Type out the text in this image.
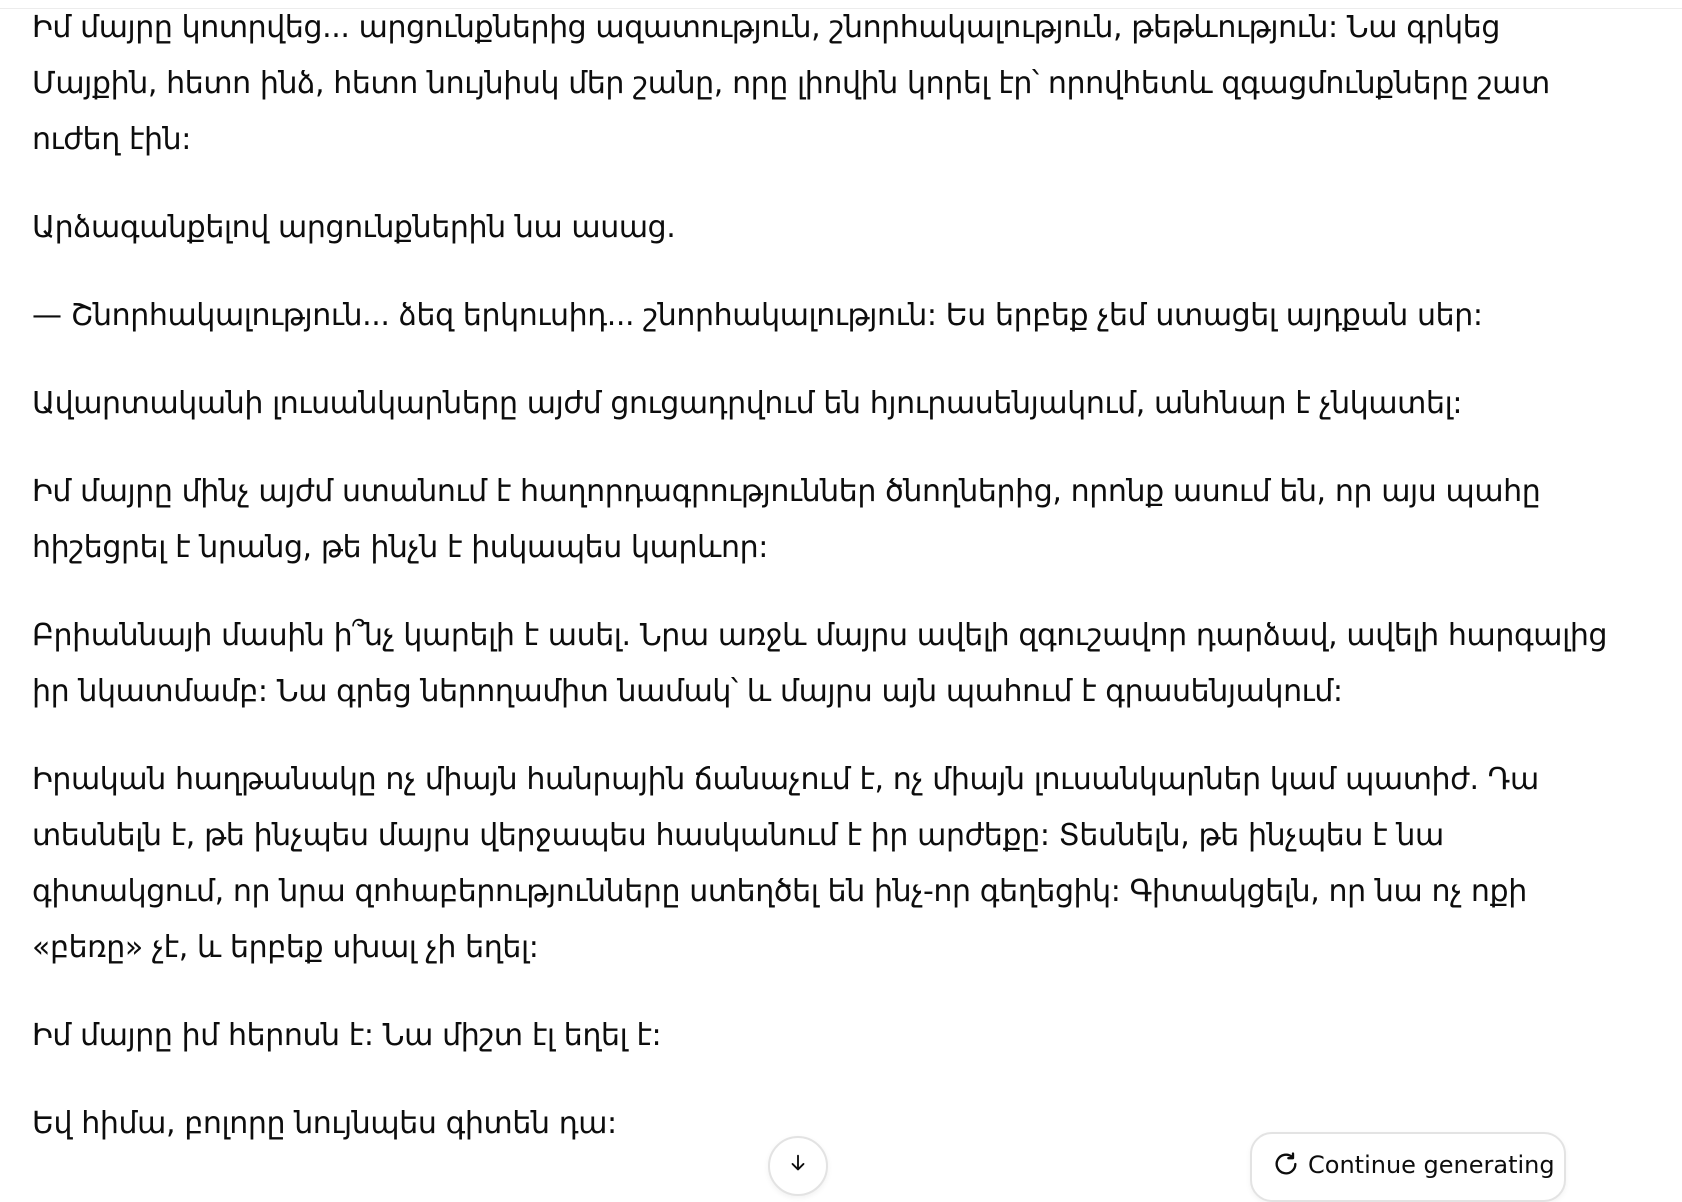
Իմ մայրը կոտրվեց... արցունքներից ազատություն, շնորհակալություն, թեթևություն: Նա գրկեց
Մայքին, հետո ինձ, հետո նույնիսկ մեր շանը, որը լիովին կորել էր՝ որովհետև զգացմունքները շատ
ուժեղ էին:

Արձագանքելով արցունքներին նա ասաց.

— Շնորհակալություն... ձեզ երկուսիդ... շնորհակալություն: Ես երբեք չեմ ստացել այդքան սեր:

Ավարտականի լուսանկարները այժմ ցուցադրվում են հյուրասենյակում, անհնար է չնկատել:

Իմ մայրը մինչ այժմ ստանում է հաղորդագրություններ ծնողներից, որոնք ասում են, որ այս պահը
հիշեցրել է նրանց, թե ինչն է իսկապես կարևոր:

Բրիաննայի մասին ի՞նչ կարելի է ասել. Նրա առջև մայրս ավելի զգուշավոր դարձավ, ավելի հարգալից
իր նկատմամբ: Նա գրեց ներողամիտ նամակ՝ և մայրս այն պահում է գրասենյակում:

Իրական հաղթանակը ոչ միայն հանրային ճանաչում է, ոչ միայն լուսանկարներ կամ պատիժ. Դա
տեսնելն է, թե ինչպես մայրս վերջապես հասկանում է իր արժեքը: Տեսնելն, թե ինչպես է նա
գիտակցում, որ նրա զոհաբերությունները ստեղծել են ինչ-որ գեղեցիկ: Գիտակցելն, որ նա ոչ ոքի
«բեռը» չէ, և երբեք սխալ չի եղել:

Իմ մայրը իմ հերոսն է: Նա միշտ էլ եղել է:

Եվ հիմա, բոլորը նույնպես գիտեն դա:

Continue generating
